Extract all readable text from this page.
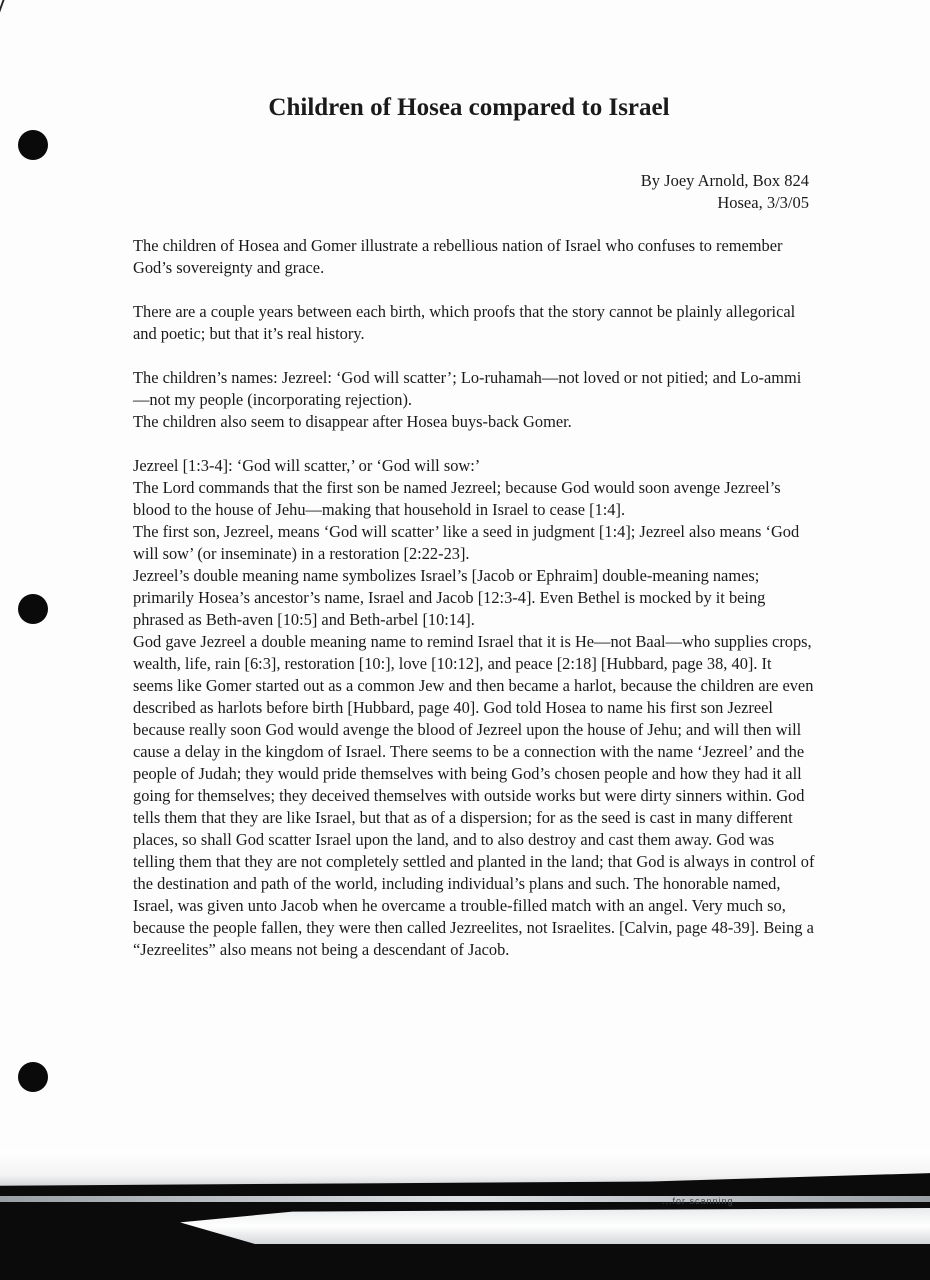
Children of Hosea compared to Israel
By Joey Arnold, Box 824
Hosea, 3/3/05

The children of Hosea and Gomer illustrate a rebellious nation of Israel who confuses to remember God’s sovereignty and grace.

There are a couple years between each birth, which proofs that the story cannot be plainly allegorical and poetic; but that it’s real history.

The children’s names: Jezreel: ‘God will scatter’; Lo-ruhamah—not loved or not pitied; and Lo-ammi—not my people (incorporating rejection).

The children also seem to disappear after Hosea buys-back Gomer.

Jezreel [1:3-4]: ‘God will scatter,’ or ‘God will sow:’

The Lord commands that the first son be named Jezreel; because God would soon avenge Jezreel’s blood to the house of Jehu—making that household in Israel to cease [1:4].

The first son, Jezreel, means ‘God will scatter’ like a seed in judgment [1:4]; Jezreel also means ‘God will sow’ (or inseminate) in a restoration [2:22-23].

Jezreel’s double meaning name symbolizes Israel’s [Jacob or Ephraim] double-meaning names; primarily Hosea’s ancestor’s name, Israel and Jacob [12:3-4]. Even Bethel is mocked by it being phrased as Beth-aven [10:5] and Beth-arbel [10:14].

God gave Jezreel a double meaning name to remind Israel that it is He—not Baal—who supplies crops, wealth, life, rain [6:3], restoration [10:], love [10:12], and peace [2:18] [Hubbard, page 38, 40]. It seems like Gomer started out as a common Jew and then became a harlot, because the children are even described as harlots before birth [Hubbard, page 40]. God told Hosea to name his first son Jezreel because really soon God would avenge the blood of Jezreel upon the house of Jehu; and will then will cause a delay in the kingdom of Israel. There seems to be a connection with the name ‘Jezreel’ and the people of Judah; they would pride themselves with being God’s chosen people and how they had it all going for themselves; they deceived themselves with outside works but were dirty sinners within. God tells them that they are like Israel, but that as of a dispersion; for as the seed is cast in many different places, so shall God scatter Israel upon the land, and to also destroy and cast them away. God was telling them that they are not completely settled and planted in the land; that God is always in control of the destination and path of the world, including individual’s plans and such. The honorable named, Israel, was given unto Jacob when he overcame a trouble-filled match with an angel. Very much so, because the people fallen, they were then called Jezreelites, not Israelites. [Calvin, page 48-39]. Being a “Jezreelites” also means not being a descendant of Jacob.

...for scanning
